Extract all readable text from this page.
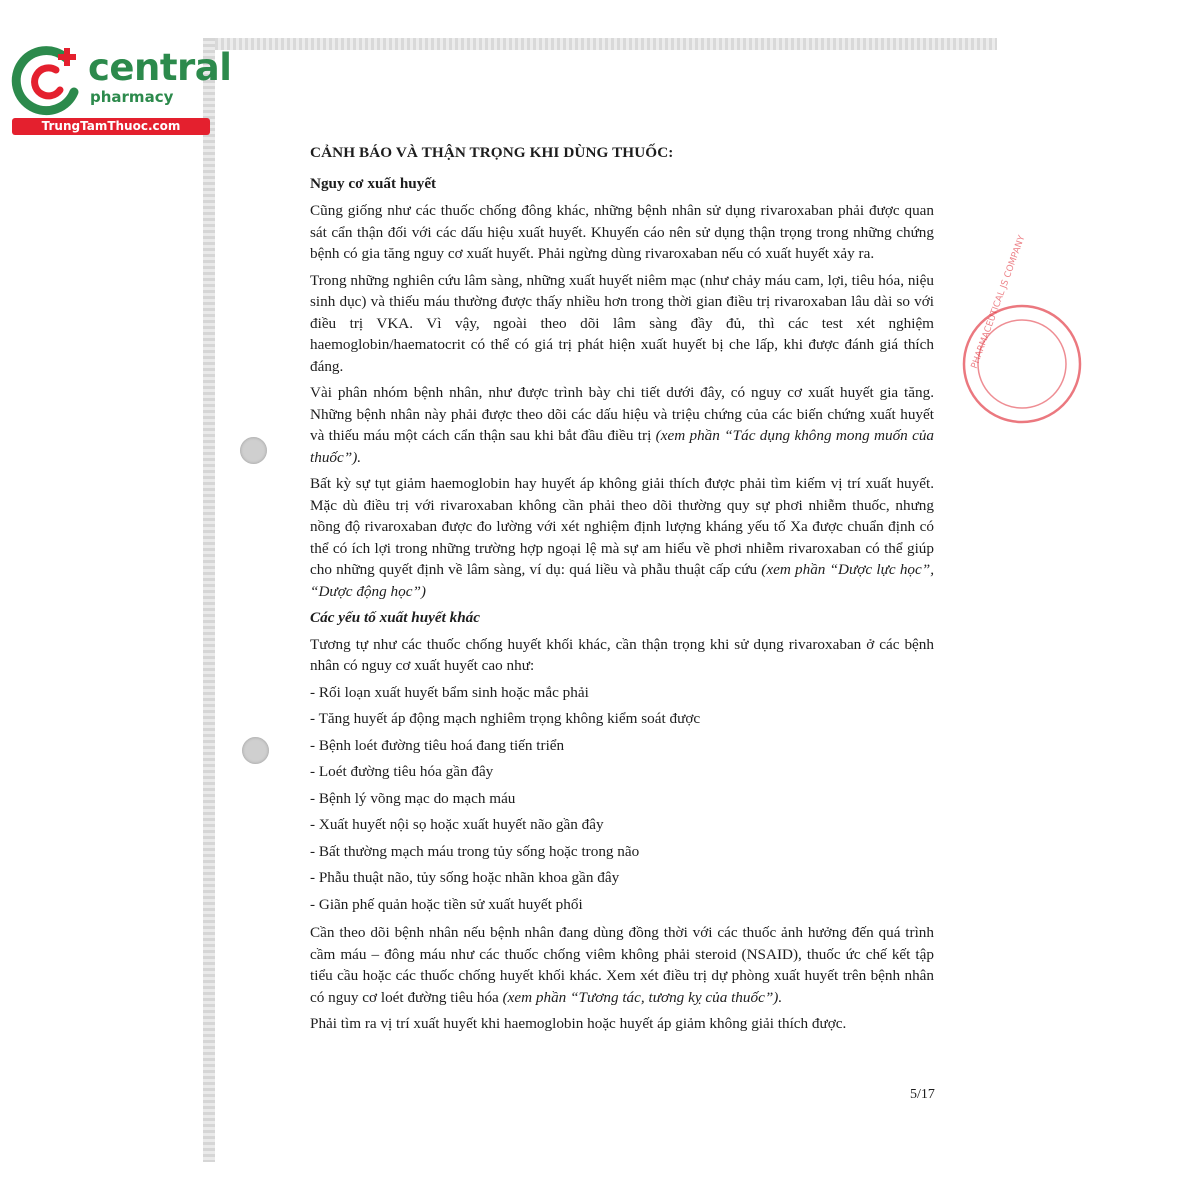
central
pharmacy
TrungTamThuoc.com
PHARMACEUTICAL JS COMPANY
CẢNH BÁO VÀ THẬN TRỌNG KHI DÙNG THUỐC:
Nguy cơ xuất huyết

Cũng giống như các thuốc chống đông khác, những bệnh nhân sử dụng rivaroxaban phải được quan sát cẩn thận đối với các dấu hiệu xuất huyết. Khuyến cáo nên sử dụng thận trọng trong những chứng bệnh có gia tăng nguy cơ xuất huyết. Phải ngừng dùng rivaroxaban nếu có xuất huyết xảy ra.

Trong những nghiên cứu lâm sàng, những xuất huyết niêm mạc (như chảy máu cam, lợi, tiêu hóa, niệu sinh dục) và thiếu máu thường được thấy nhiều hơn trong thời gian điều trị rivaroxaban lâu dài so với điều trị VKA. Vì vậy, ngoài theo dõi lâm sàng đầy đủ, thì các test xét nghiệm haemoglobin/haematocrit có thể có giá trị phát hiện xuất huyết bị che lấp, khi được đánh giá thích đáng.

Vài phân nhóm bệnh nhân, như được trình bày chi tiết dưới đây, có nguy cơ xuất huyết gia tăng. Những bệnh nhân này phải được theo dõi các dấu hiệu và triệu chứng của các biến chứng xuất huyết và thiếu máu một cách cẩn thận sau khi bắt đầu điều trị (xem phần “Tác dụng không mong muốn của thuốc”).

Bất kỳ sự tụt giảm haemoglobin hay huyết áp không giải thích được phải tìm kiếm vị trí xuất huyết. Mặc dù điều trị với rivaroxaban không cần phải theo dõi thường quy sự phơi nhiễm thuốc, nhưng nồng độ rivaroxaban được đo lường với xét nghiệm định lượng kháng yếu tố Xa được chuẩn định có thể có ích lợi trong những trường hợp ngoại lệ mà sự am hiểu về phơi nhiễm rivaroxaban có thể giúp cho những quyết định về lâm sàng, ví dụ: quá liều và phẫu thuật cấp cứu (xem phần “Dược lực học”, “Dược động học”)

Các yếu tố xuất huyết khác

Tương tự như các thuốc chống huyết khối khác, cần thận trọng khi sử dụng rivaroxaban ở các bệnh nhân có nguy cơ xuất huyết cao như:

- Rối loạn xuất huyết bẩm sinh hoặc mắc phải
- Tăng huyết áp động mạch nghiêm trọng không kiểm soát được
- Bệnh loét đường tiêu hoá đang tiến triển
- Loét đường tiêu hóa gần đây
- Bệnh lý võng mạc do mạch máu
- Xuất huyết nội sọ hoặc xuất huyết não gần đây
- Bất thường mạch máu trong tủy sống hoặc trong não
- Phẫu thuật não, tủy sống hoặc nhãn khoa gần đây
- Giãn phế quản hoặc tiền sử xuất huyết phổi

Cần theo dõi bệnh nhân nếu bệnh nhân đang dùng đồng thời với các thuốc ảnh hưởng đến quá trình cầm máu – đông máu như các thuốc chống viêm không phải steroid (NSAID), thuốc ức chế kết tập tiểu cầu hoặc các thuốc chống huyết khối khác. Xem xét điều trị dự phòng xuất huyết trên bệnh nhân có nguy cơ loét đường tiêu hóa (xem phần “Tương tác, tương kỵ của thuốc”).

Phải tìm ra vị trí xuất huyết khi haemoglobin hoặc huyết áp giảm không giải thích được.

5/17
